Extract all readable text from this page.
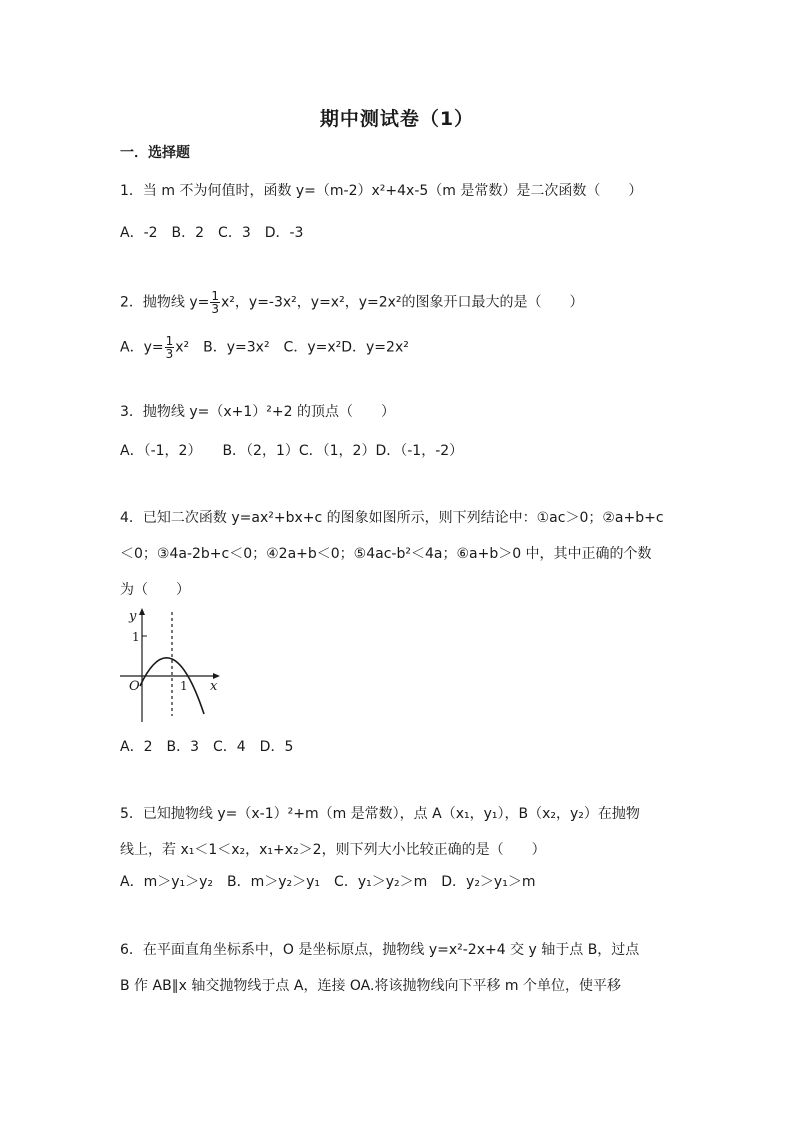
期中测试卷（1）
一．选择题
1．当 m 不为何值时，函数 y=（m-2）x²+4x-5（m 是常数）是二次函数（　　）
A．-2　B．2　C．3　D．-3
2．抛物线 $y= \frac{1}{3} x^2$，y=-3x²，y=x²，y=2x²的图象开口最大的是（　　）
A．$y= \frac{1}{3} x^2$　B．y=3x²　C．y=x²D．y=2x²
3．抛物线 y=（x+1）²+2 的顶点（　　）
A．（-1，2）　　B．（2，1）C．（1，2）D．（-1，-2）
4．已知二次函数 y=ax²+bx+c 的图象如图所示，则下列结论中：①ac＞0；②a+b+c
＜0；③4a-2b+c＜0；④2a+b＜0；⑤4ac-b²＜4a；⑥a+b＞0 中，其中正确的个数
为（　　）
y
1
O	1 x
A．2　B．3　C．4　D．5
5．已知抛物线 y=（x-1）²+m（m 是常数），点 A（x₁，y₁），B（x₂，y₂）在抛物
线上，若 x₁＜1＜x₂，x₁+x₂＞2，则下列大小比较正确的是（　　）
A．m＞y₁＞y₂　B．m＞y₂＞y₁　C．y₁＞y₂＞m　D．y₂＞y₁＞m
6．在平面直角坐标系中，O 是坐标原点，抛物线 y=x²-2x+4 交 y 轴于点 B，过点
B 作 AB∥x 轴交抛物线于点 A，连接 OA.将该抛物线向下平移 m 个单位，使平移
